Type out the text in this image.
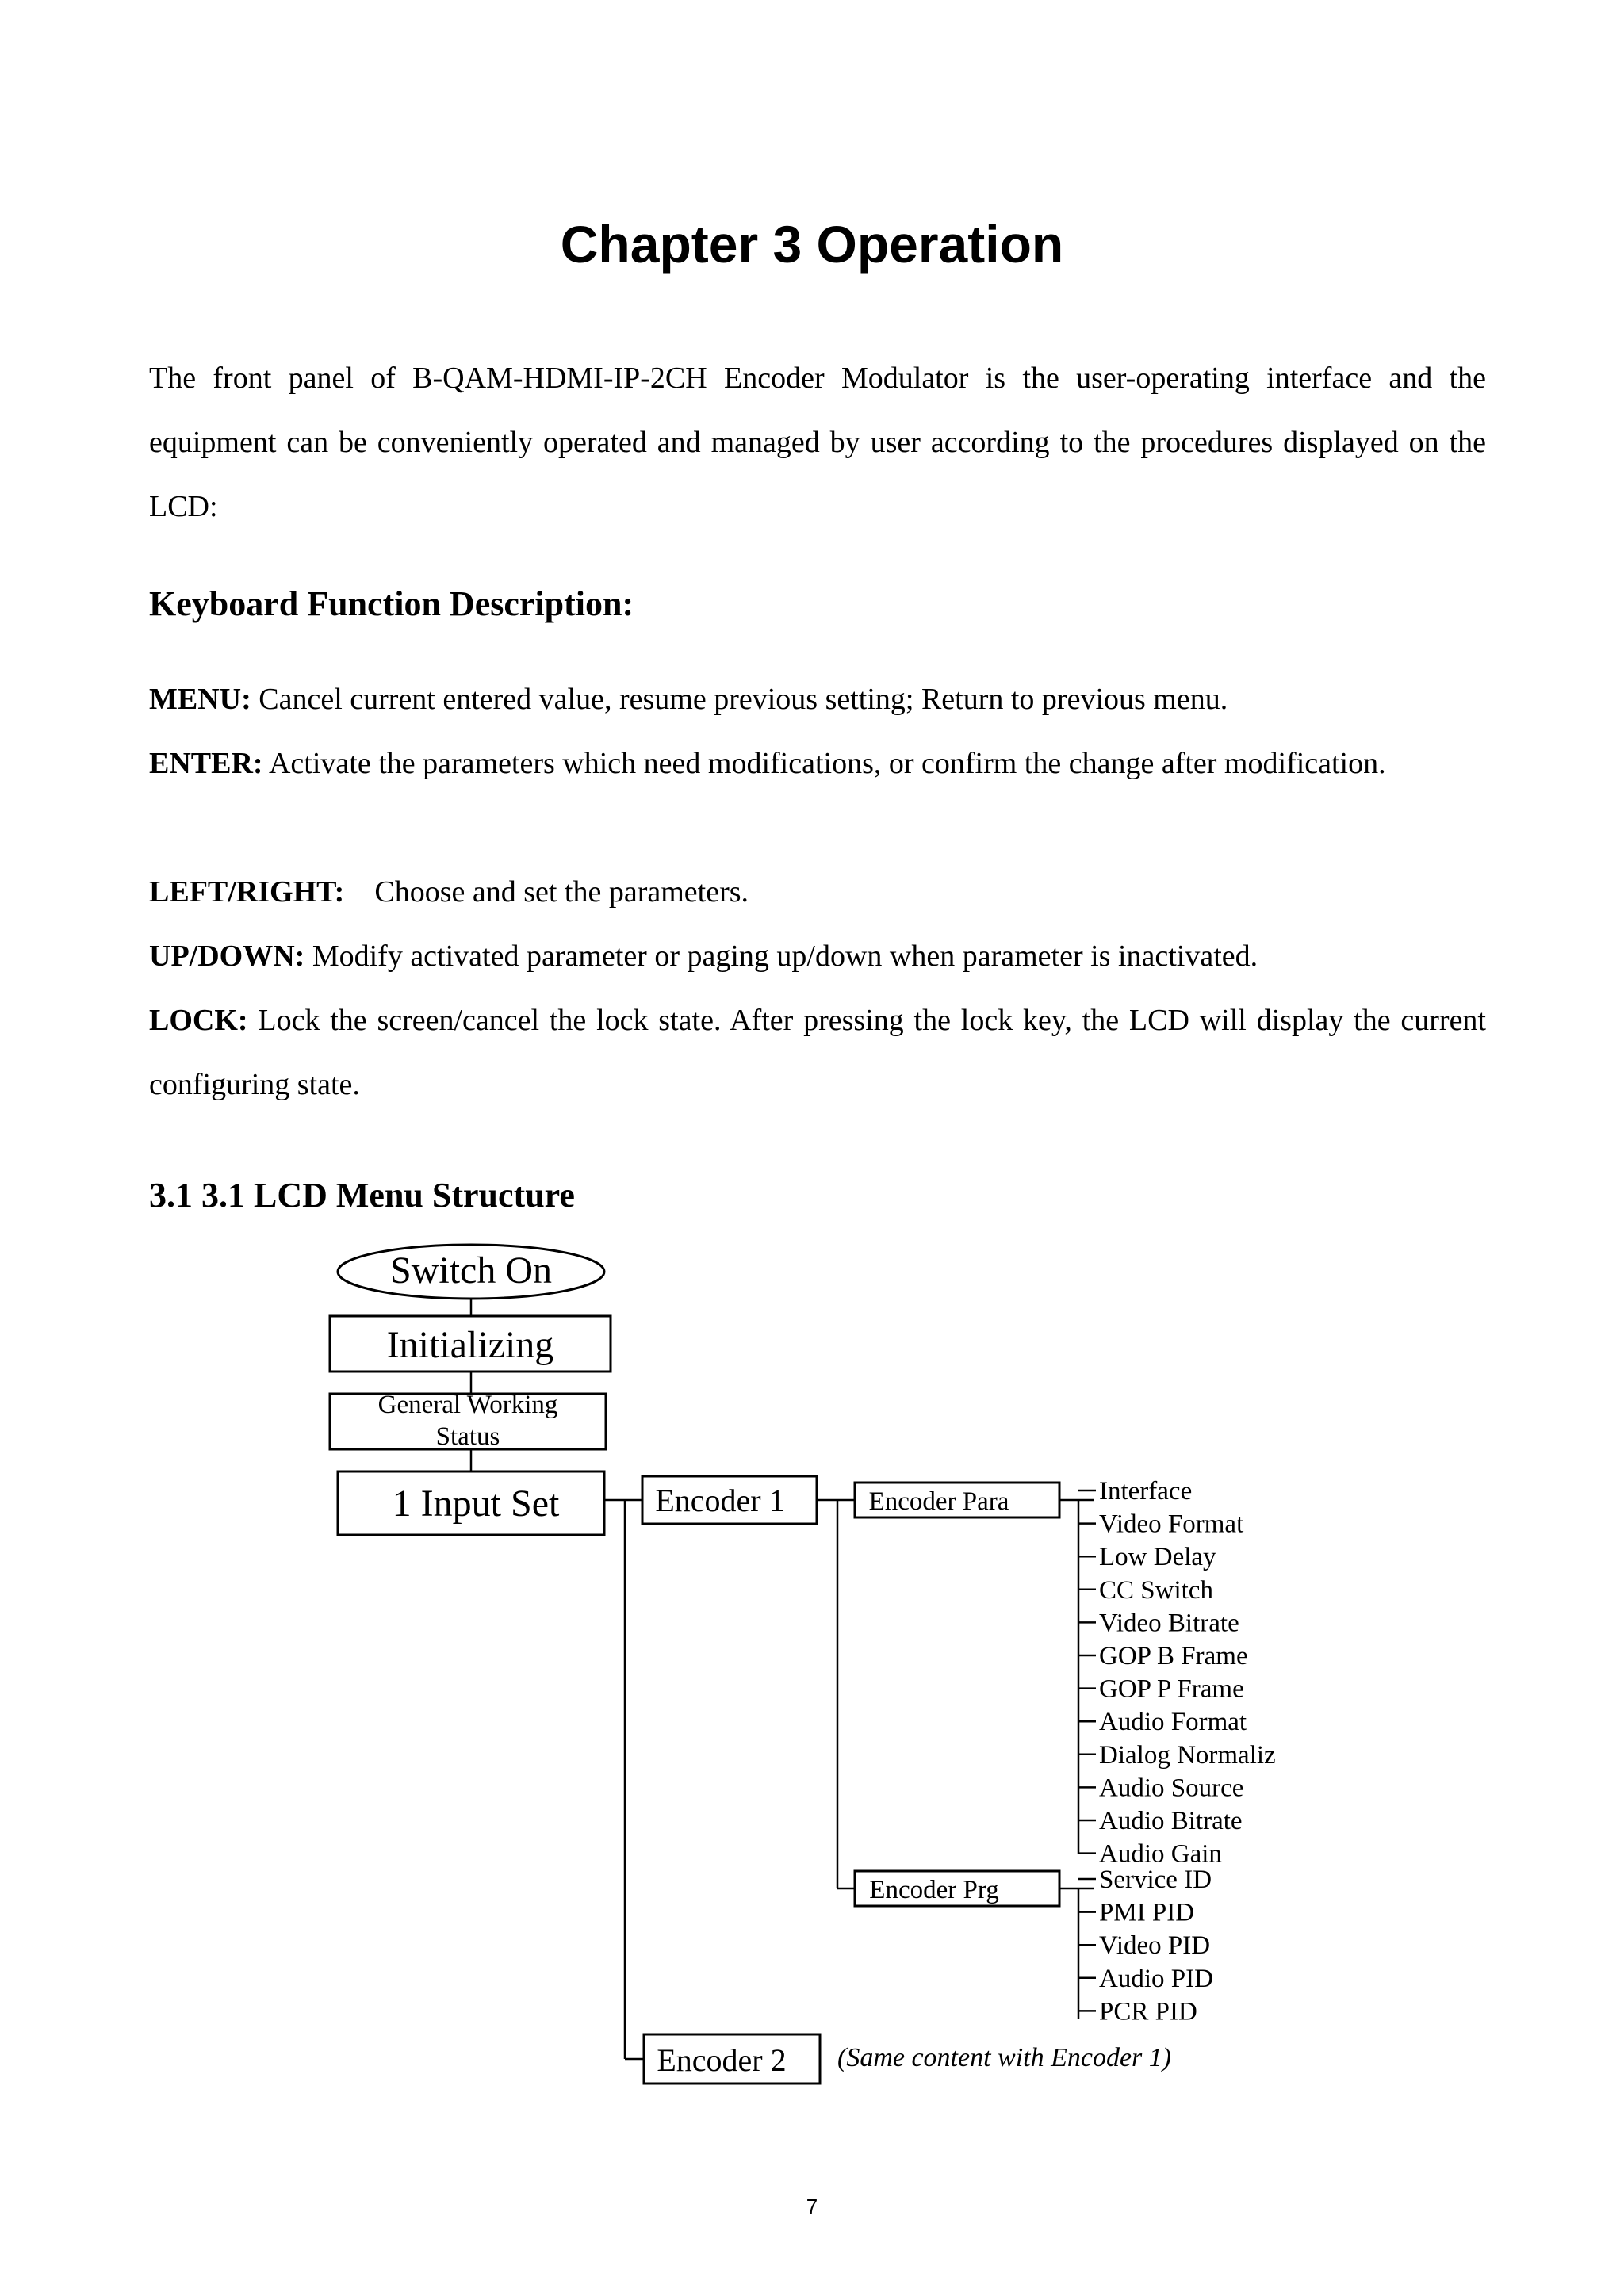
Chapter 3 Operation

The front panel of B-QAM-HDMI-IP-2CH Encoder Modulator is the user-operating interface and the equipment can be conveniently operated and managed by user according to the procedures displayed on the LCD:

Keyboard Function Description:

MENU: Cancel current entered value, resume previous setting; Return to previous menu.

ENTER: Activate the parameters which need modifications, or confirm the change after modification.

LEFT/RIGHT: Choose and set the parameters.

UP/DOWN: Modify activated parameter or paging up/down when parameter is inactivated.

LOCK: Lock the screen/cancel the lock state. After pressing the lock key, the LCD will display the current configuring state.

3.1 3.1 LCD Menu Structure
Switch On
Initializing
General Working
Status
1 Input Set	Encoder 1
Encoder 2
Encoder Para
Encoder Prg
(Same content with Encoder 1)
Interface
Video Format
Low Delay
CC Switch
Video Bitrate
GOP B Frame
GOP P Frame
Audio Format
Dialog Normaliz
Audio Source
Audio Bitrate
Audio Gain
Service ID
PMI PID
Video PID
Audio PID
PCR PID
7
